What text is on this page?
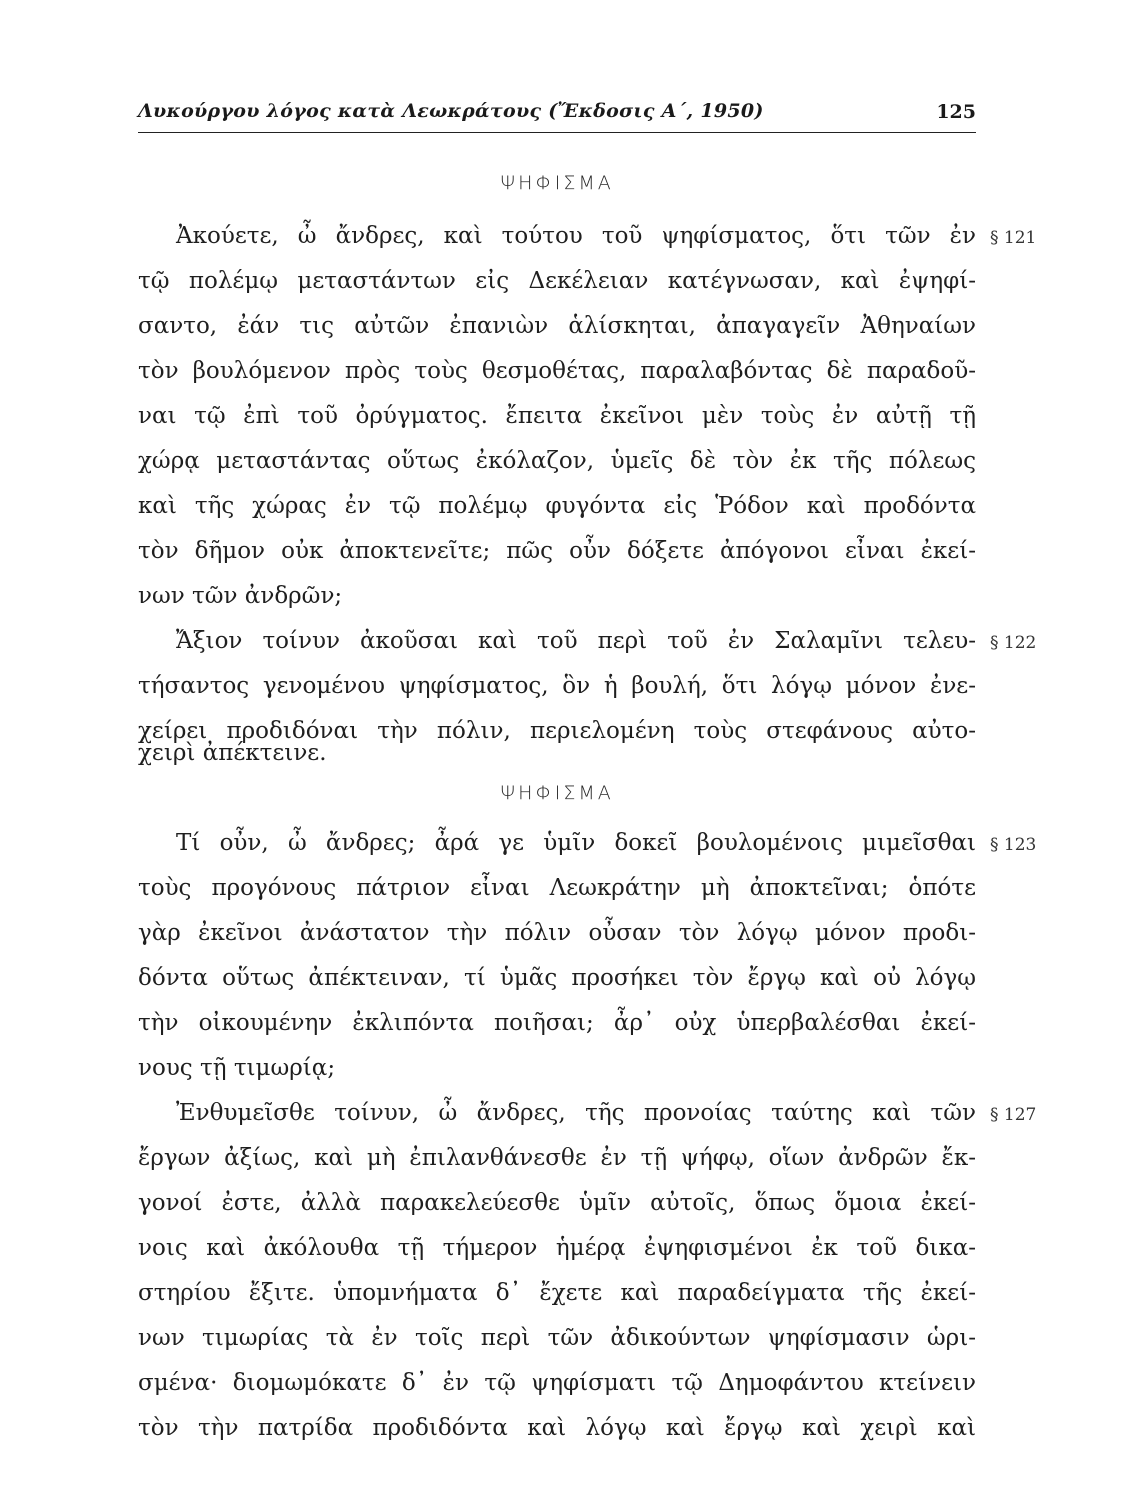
Λυκούργου λόγος κατὰ Λεωκράτους (Ἔκδοσις Α΄, 1950)	125
ΨΗΦΙΣΜΑ
Ἀκούετε, ὦ ἄνδρες, καὶ τούτου τοῦ ψηφίσματος, ὅτι τῶν ἐν
τῷ πολέμῳ μεταστάντων εἰς Δεκέλειαν κατέγνωσαν, καὶ ἐψηφί-
σαντο, ἐάν τις αὐτῶν ἐπανιὼν ἁλίσκηται, ἀπαγαγεῖν Ἀθηναίων
τὸν βουλόμενον πρὸς τοὺς θεσμοθέτας, παραλαβόντας δὲ παραδοῦ-
ναι τῷ ἐπὶ τοῦ ὀρύγματος. ἔπειτα ἐκεῖνοι μὲν τοὺς ἐν αὐτῇ τῇ
χώρᾳ μεταστάντας οὕτως ἐκόλαζον, ὑμεῖς δὲ τὸν ἐκ τῆς πόλεως
καὶ τῆς χώρας ἐν τῷ πολέμῳ φυγόντα εἰς Ῥόδον καὶ προδόντα
τὸν δῆμον οὐκ ἀποκτενεῖτε; πῶς οὖν δόξετε ἀπόγονοι εἶναι ἐκεί-
νων τῶν ἀνδρῶν;
Ἄξιον τοίνυν ἀκοῦσαι καὶ τοῦ περὶ τοῦ ἐν Σαλαμῖνι τελευ-
τήσαντος γενομένου ψηφίσματος, ὃν ἡ βουλή, ὅτι λόγῳ μόνον ἐνε-
χείρει προδιδόναι τὴν πόλιν, περιελομένη τοὺς στεφάνους αὐτο-
χειρὶ ἀπέκτεινε.
ΨΗΦΙΣΜΑ
Τί οὖν, ὦ ἄνδρες; ἆρά γε ὑμῖν δοκεῖ βουλομένοις μιμεῖσθαι
τοὺς προγόνους πάτριον εἶναι Λεωκράτην μὴ ἀποκτεῖναι; ὁπότε
γὰρ ἐκεῖνοι ἀνάστατον τὴν πόλιν οὖσαν τὸν λόγῳ μόνον προδι-
δόντα οὕτως ἀπέκτειναν, τί ὑμᾶς προσήκει τὸν ἔργῳ καὶ οὐ λόγῳ
τὴν οἰκουμένην ἐκλιπόντα ποιῆσαι; ἆρ᾽ οὐχ ὑπερβαλέσθαι ἐκεί-
νους τῇ τιμωρίᾳ;
Ἐνθυμεῖσθε τοίνυν, ὦ ἄνδρες, τῆς προνοίας ταύτης καὶ τῶν
ἔργων ἀξίως, καὶ μὴ ἐπιλανθάνεσθε ἐν τῇ ψήφῳ, οἵων ἀνδρῶν ἔκ-
γονοί ἐστε, ἀλλὰ παρακελεύεσθε ὑμῖν αὐτοῖς, ὅπως ὅμοια ἐκεί-
νοις καὶ ἀκόλουθα τῇ τήμερον ἡμέρᾳ ἐψηφισμένοι ἐκ τοῦ δικα-
στηρίου ἔξιτε. ὑπομνήματα δ᾽ ἔχετε καὶ παραδείγματα τῆς ἐκεί-
νων τιμωρίας τὰ ἐν τοῖς περὶ τῶν ἀδικούντων ψηφίσμασιν ὡρι-
σμένα· διομωμόκατε δ᾽ ἐν τῷ ψηφίσματι τῷ Δημοφάντου κτείνειν
τὸν τὴν πατρίδα προδιδόντα καὶ λόγῳ καὶ ἔργῳ καὶ χειρὶ καὶ
§ 121
§ 122
§ 123
§ 127
